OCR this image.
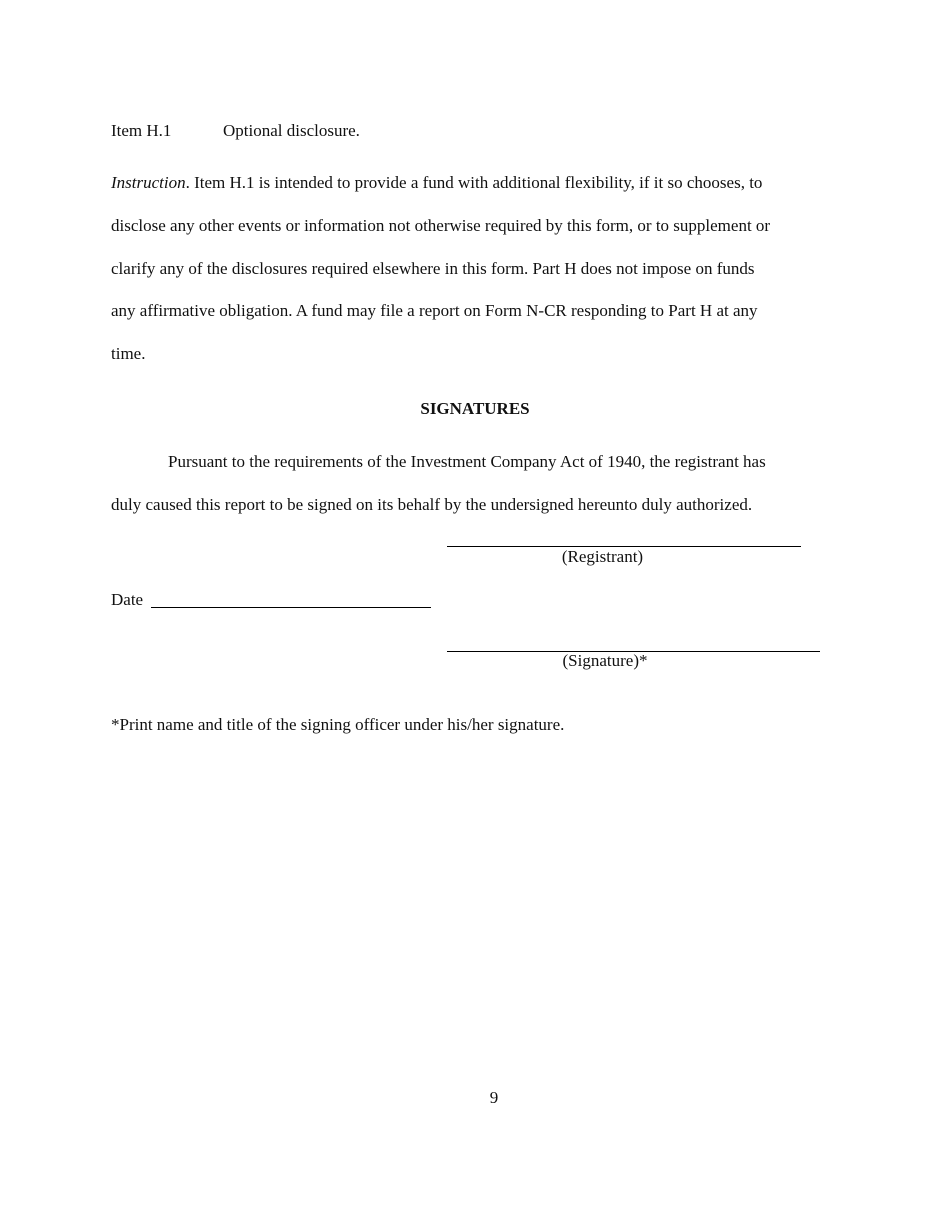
Item H.1	Optional disclosure.
Instruction. Item H.1 is intended to provide a fund with additional flexibility, if it so chooses, to
disclose any other events or information not otherwise required by this form, or to supplement or
clarify any of the disclosures required elsewhere in this form. Part H does not impose on funds
any affirmative obligation. A fund may file a report on Form N-CR responding to Part H at any
time.
SIGNATURES
Pursuant to the requirements of the Investment Company Act of 1940, the registrant has
duly caused this report to be signed on its behalf by the undersigned hereunto duly authorized.
(Registrant)
Date
(Signature)*
*Print name and title of the signing officer under his/her signature.
9
